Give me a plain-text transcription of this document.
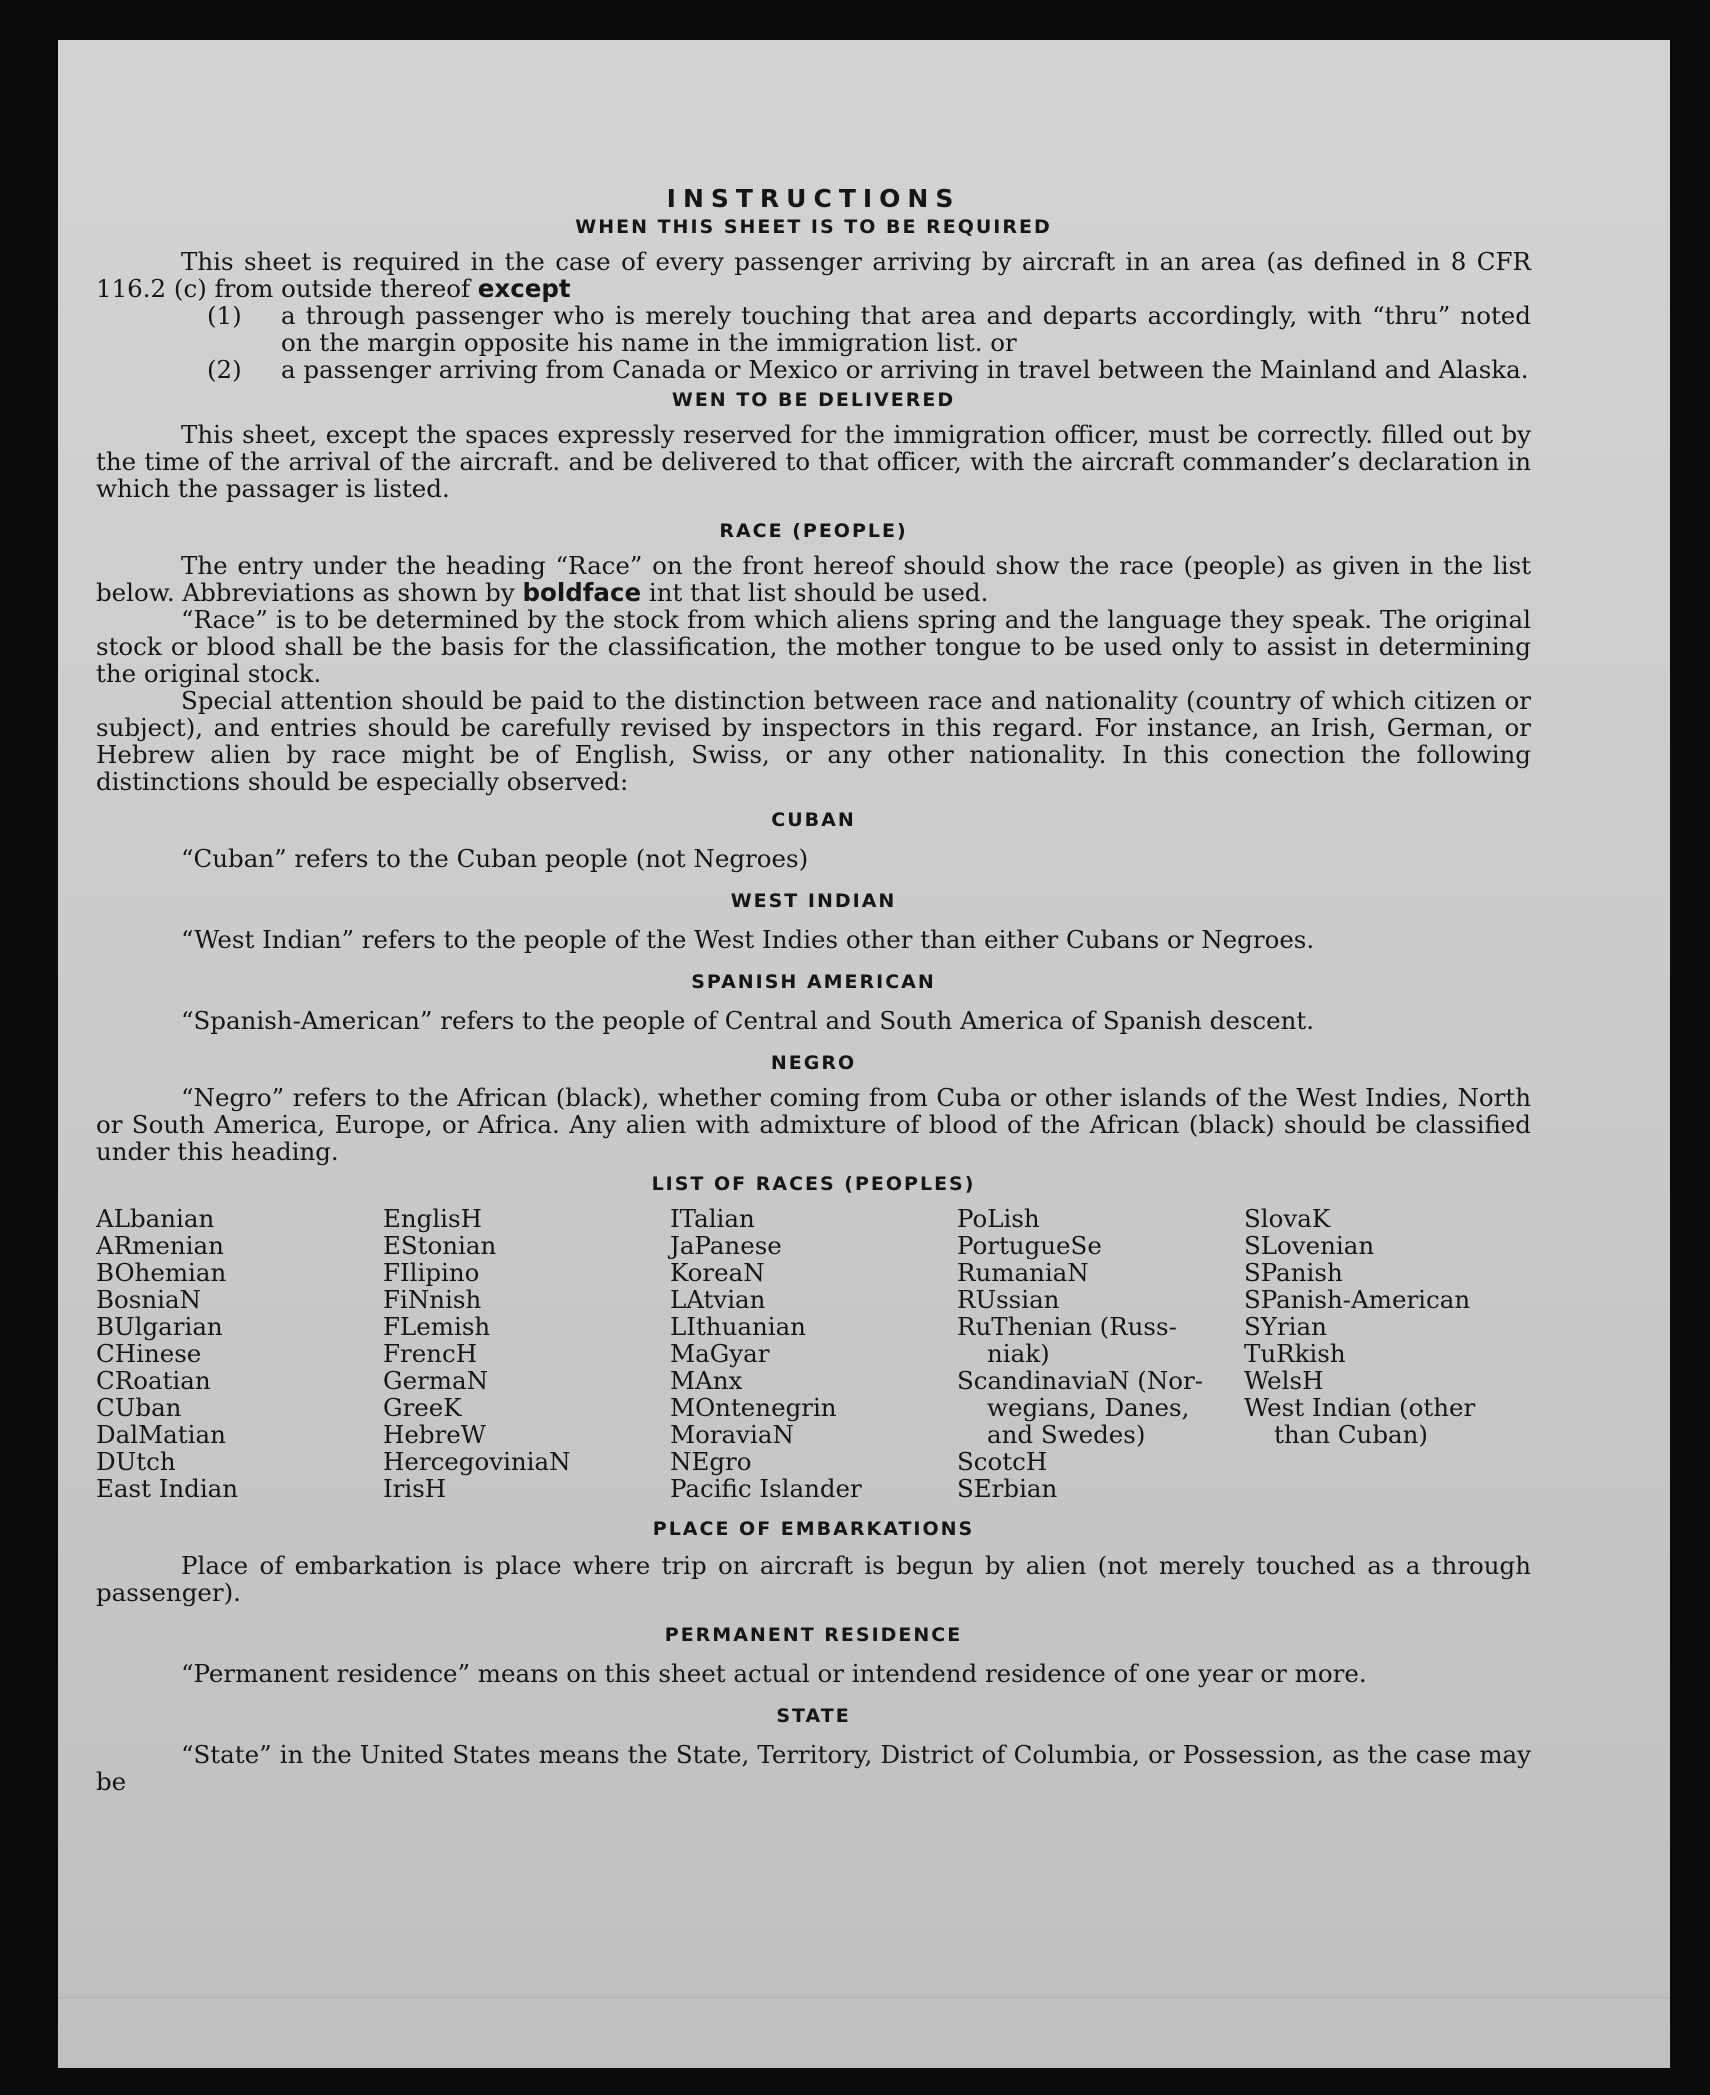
INSTRUCTIONS
WHEN THIS SHEET IS TO BE REQUIRED

This sheet is required in the case of every passenger arriving by aircraft in an area (as defined in 8 CFR 116.2 (c) from outside thereof except

(1) a through passenger who is merely touching that area and departs accordingly, with “thru” noted on the margin opposite his name in the immigration list. or
(2) a passenger arriving from Canada or Mexico or arriving in travel between the Mainland and Alaska.
WEN TO BE DELIVERED

This sheet, except the spaces expressly reserved for the immigration officer, must be correctly. filled out by the time of the arrival of the aircraft. and be delivered to that officer, with the aircraft commander’s declaration in which the passager is listed.

RACE (PEOPLE)

The entry under the heading “Race” on the front hereof should show the race (people) as given in the list below. Abbreviations as shown by boldface int that list should be used.

“Race” is to be determined by the stock from which aliens spring and the language they speak. The original stock or blood shall be the basis for the classification, the mother tongue to be used only to assist in determining the original stock.

Special attention should be paid to the distinction between race and nationality (country of which citizen or subject), and entries should be carefully revised by inspectors in this regard. For instance, an Irish, German, or Hebrew alien by race might be of English, Swiss, or any other nationality. In this conection the following distinctions should be especially observed:

CUBAN

“Cuban” refers to the Cuban people (not Negroes)

WEST INDIAN

“West Indian” refers to the people of the West Indies other than either Cubans or Negroes.

SPANISH AMERICAN

“Spanish-American” refers to the people of Central and South America of Spanish descent.

NEGRO

“Negro” refers to the African (black), whether coming from Cuba or other islands of the West Indies, North or South America, Europe, or Africa. Any alien with admixture of blood of the African (black) should be classified under this heading.

LIST OF RACES (PEOPLES)
ALbanian
ARmenian
BOhemian
BosniaN
BUlgarian
CHinese
CRoatian
CUban
DalMatian
DUtch
East Indian
EnglisH
EStonian
FIlipino
FiNnish
FLemish
FrencH
GermaN
GreeK
HebreW
HercegoviniaN
IrisH
ITalian
JaPanese
KoreaN
LAtvian
LIthuanian
MaGyar
MAnx
MOntenegrin
MoraviaN
NEgro
Pacific Islander
PoLish
PortugueSe
RumaniaN
RUssian
RuThenian (Russ-
niak)
ScandinaviaN (Nor-
wegians, Danes,
and Swedes)
ScotcH
SErbian
SlovaK
SLovenian
SPanish
SPanish-American
SYrian
TuRkish
WelsH
West Indian (other
than Cuban)
PLACE OF EMBARKATIONS

Place of embarkation is place where trip on aircraft is begun by alien (not merely touched as a through passenger).

PERMANENT RESIDENCE

“Permanent residence” means on this sheet actual or intendend residence of one year or more.

STATE

“State” in the United States means the State, Territory, District of Columbia, or Possession, as the case may be
